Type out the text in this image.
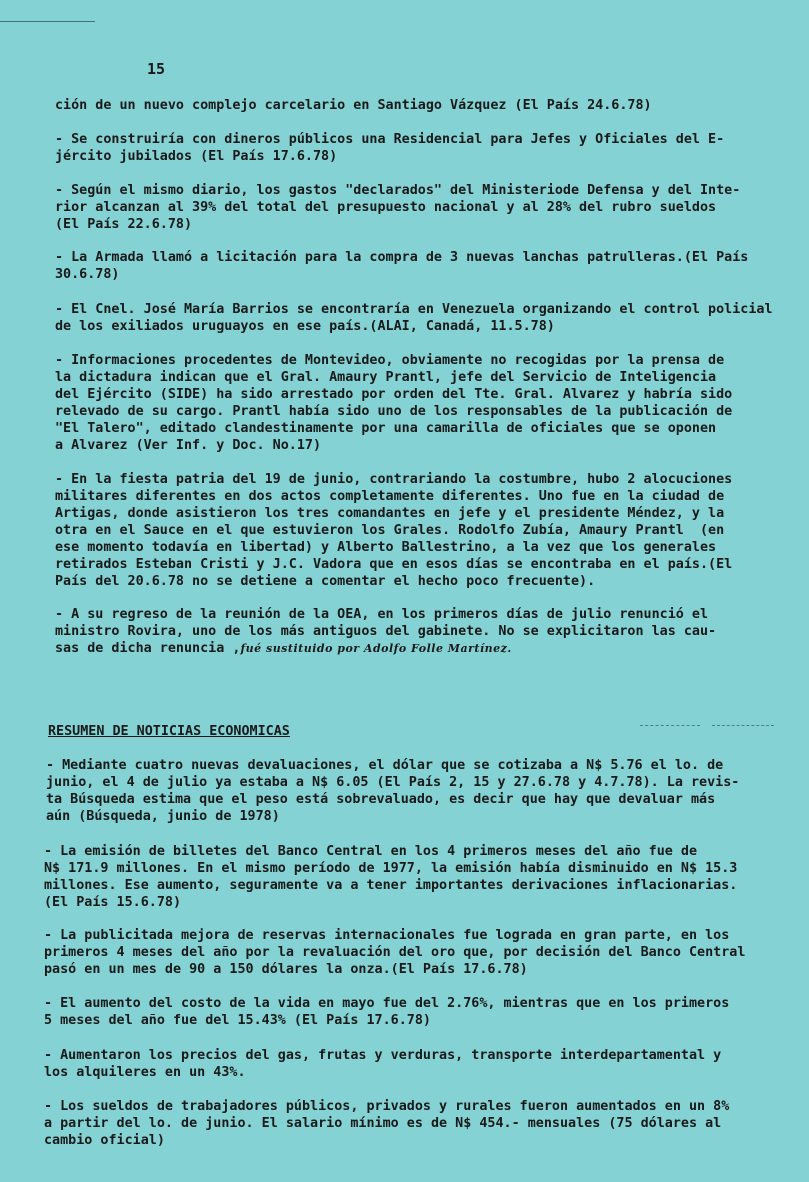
15

ción de un nuevo complejo carcelario en Santiago Vázquez (El País 24.6.78)

- Se construiría con dineros públicos una Residencial para Jefes y Oficiales del E-
jército jubilados (El País 17.6.78)

- Según el mismo diario, los gastos "declarados" del Ministeriode Defensa y del Inte-
rior alcanzan al 39% del total del presupuesto nacional y al 28% del rubro sueldos
(El País 22.6.78)

- La Armada llamó a licitación para la compra de 3 nuevas lanchas patrulleras.(El País
30.6.78)

- El Cnel. José María Barrios se encontraría en Venezuela organizando el control policial
de los exiliados uruguayos en ese país.(ALAI, Canadá, 11.5.78)

- Informaciones procedentes de Montevideo, obviamente no recogidas por la prensa de
la dictadura indican que el Gral. Amaury Prantl, jefe del Servicio de Inteligencia
del Ejército (SIDE) ha sido arrestado por orden del Tte. Gral. Alvarez y habría sido
relevado de su cargo. Prantl había sido uno de los responsables de la publicación de
"El Talero", editado clandestinamente por una camarilla de oficiales que se oponen
a Alvarez (Ver Inf. y Doc. No.17)

- En la fiesta patria del 19 de junio, contrariando la costumbre, hubo 2 alocuciones
militares diferentes en dos actos completamente diferentes. Uno fue en la ciudad de
Artigas, donde asistieron los tres comandantes en jefe y el presidente Méndez, y la
otra en el Sauce en el que estuvieron los Grales. Rodolfo Zubía, Amaury Prantl  (en
ese momento todavía en libertad) y Alberto Ballestrino, a la vez que los generales
retirados Esteban Cristi y J.C. Vadora que en esos días se encontraba en el país.(El
País del 20.6.78 no se detiene a comentar el hecho poco frecuente).

- A su regreso de la reunión de la OEA, en los primeros días de julio renunció el
ministro Rovira, uno de los más antiguos del gabinete. No se explicitaron las cau-
sas de dicha renuncia ,fué sustituido por Adolfo Folle Martínez.

RESUMEN DE NOTICIAS ECONOMICAS

- Mediante cuatro nuevas devaluaciones, el dólar que se cotizaba a N$ 5.76 el lo. de
junio, el 4 de julio ya estaba a N$ 6.05 (El País 2, 15 y 27.6.78 y 4.7.78). La revis-
ta Búsqueda estima que el peso está sobrevaluado, es decir que hay que devaluar más
aún (Búsqueda, junio de 1978)

- La emisión de billetes del Banco Central en los 4 primeros meses del año fue de
N$ 171.9 millones. En el mismo período de 1977, la emisión había disminuido en N$ 15.3
millones. Ese aumento, seguramente va a tener importantes derivaciones inflacionarias.
(El País 15.6.78)

- La publicitada mejora de reservas internacionales fue lograda en gran parte, en los
primeros 4 meses del año por la revaluación del oro que, por decisión del Banco Central
pasó en un mes de 90 a 150 dólares la onza.(El País 17.6.78)

- El aumento del costo de la vida en mayo fue del 2.76%, mientras que en los primeros
5 meses del año fue del 15.43% (El País 17.6.78)

- Aumentaron los precios del gas, frutas y verduras, transporte interdepartamental y
los alquileres en un 43%.

- Los sueldos de trabajadores públicos, privados y rurales fueron aumentados en un 8%
a partir del lo. de junio. El salario mínimo es de N$ 454.- mensuales (75 dólares al
cambio oficial)
